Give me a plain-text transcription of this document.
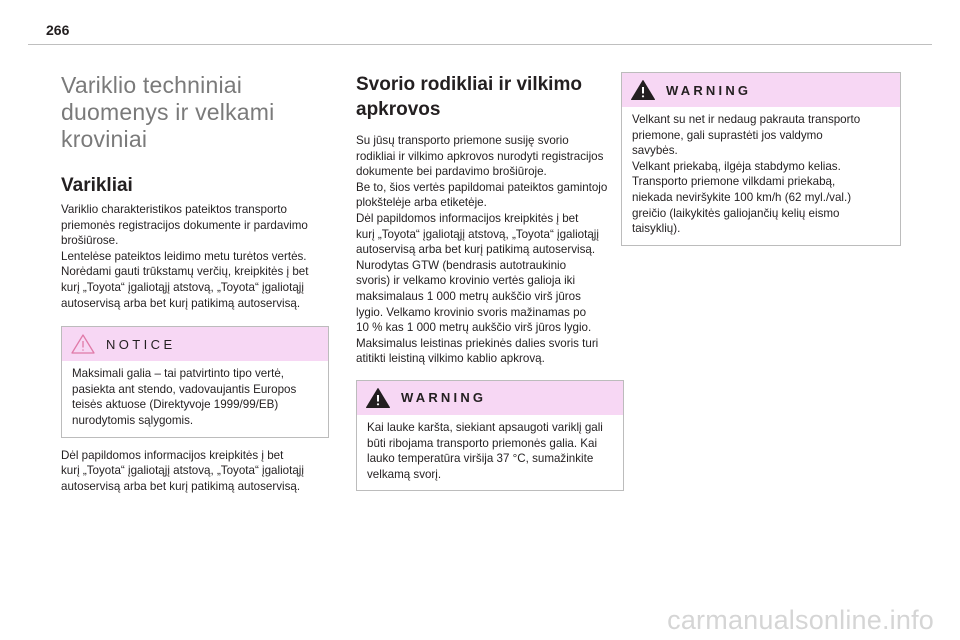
266
Variklio techniniai
duomenys ir velkami
kroviniai
Varikliai

Variklio charakteristikos pateiktos transporto
priemonės registracijos dokumente ir pardavimo
brošiūrose.
Lentelėse pateiktos leidimo metu turėtos vertės.
Norėdami gauti trūkstamų verčių, kreipkitės į bet
kurį „Toyota“ įgaliotąjį atstovą, „Toyota“ įgaliotąjį
autoservisą arba bet kurį patikimą autoservisą.

NOTICE
Maksimali galia – tai patvirtinto tipo vertė,
pasiekta ant stendo, vadovaujantis Europos
teisės aktuose (Direktyvoje 1999/99/EB)
nurodytomis sąlygomis.

Dėl papildomos informacijos kreipkitės į bet
kurį „Toyota“ įgaliotąjį atstovą, „Toyota“ įgaliotąjį
autoservisą arba bet kurį patikimą autoservisą.

Svorio rodikliai ir vilkimo
apkrovos

Su jūsų transporto priemone susiję svorio
rodikliai ir vilkimo apkrovos nurodyti registracijos
dokumente bei pardavimo brošiūroje.
Be to, šios vertės papildomai pateiktos gamintojo
plokštelėje arba etiketėje.
Dėl papildomos informacijos kreipkitės į bet
kurį „Toyota“ įgaliotąjį atstovą, „Toyota“ įgaliotąjį
autoservisą arba bet kurį patikimą autoservisą.
Nurodytas GTW (bendrasis autotraukinio
svoris) ir velkamo krovinio vertės galioja iki
maksimalaus 1 000 metrų aukščio virš jūros
lygio. Velkamo krovinio svoris mažinamas po
10 % kas 1 000 metrų aukščio virš jūros lygio.
Maksimalus leistinas priekinės dalies svoris turi
atitikti leistiną vilkimo kablio apkrovą.

WARNING
Kai lauke karšta, siekiant apsaugoti variklį gali
būti ribojama transporto priemonės galia. Kai
lauko temperatūra viršija 37 °C, sumažinkite
velkamą svorį.
WARNING
Velkant su net ir nedaug pakrauta transporto
priemone, gali suprastėti jos valdymo
savybės.
Velkant priekabą, ilgėja stabdymo kelias.
Transporto priemone vilkdami priekabą,
niekada neviršykite 100 km/h (62 myl./val.)
greičio (laikykitės galiojančių kelių eismo
taisyklių).
carmanualsonline.info
